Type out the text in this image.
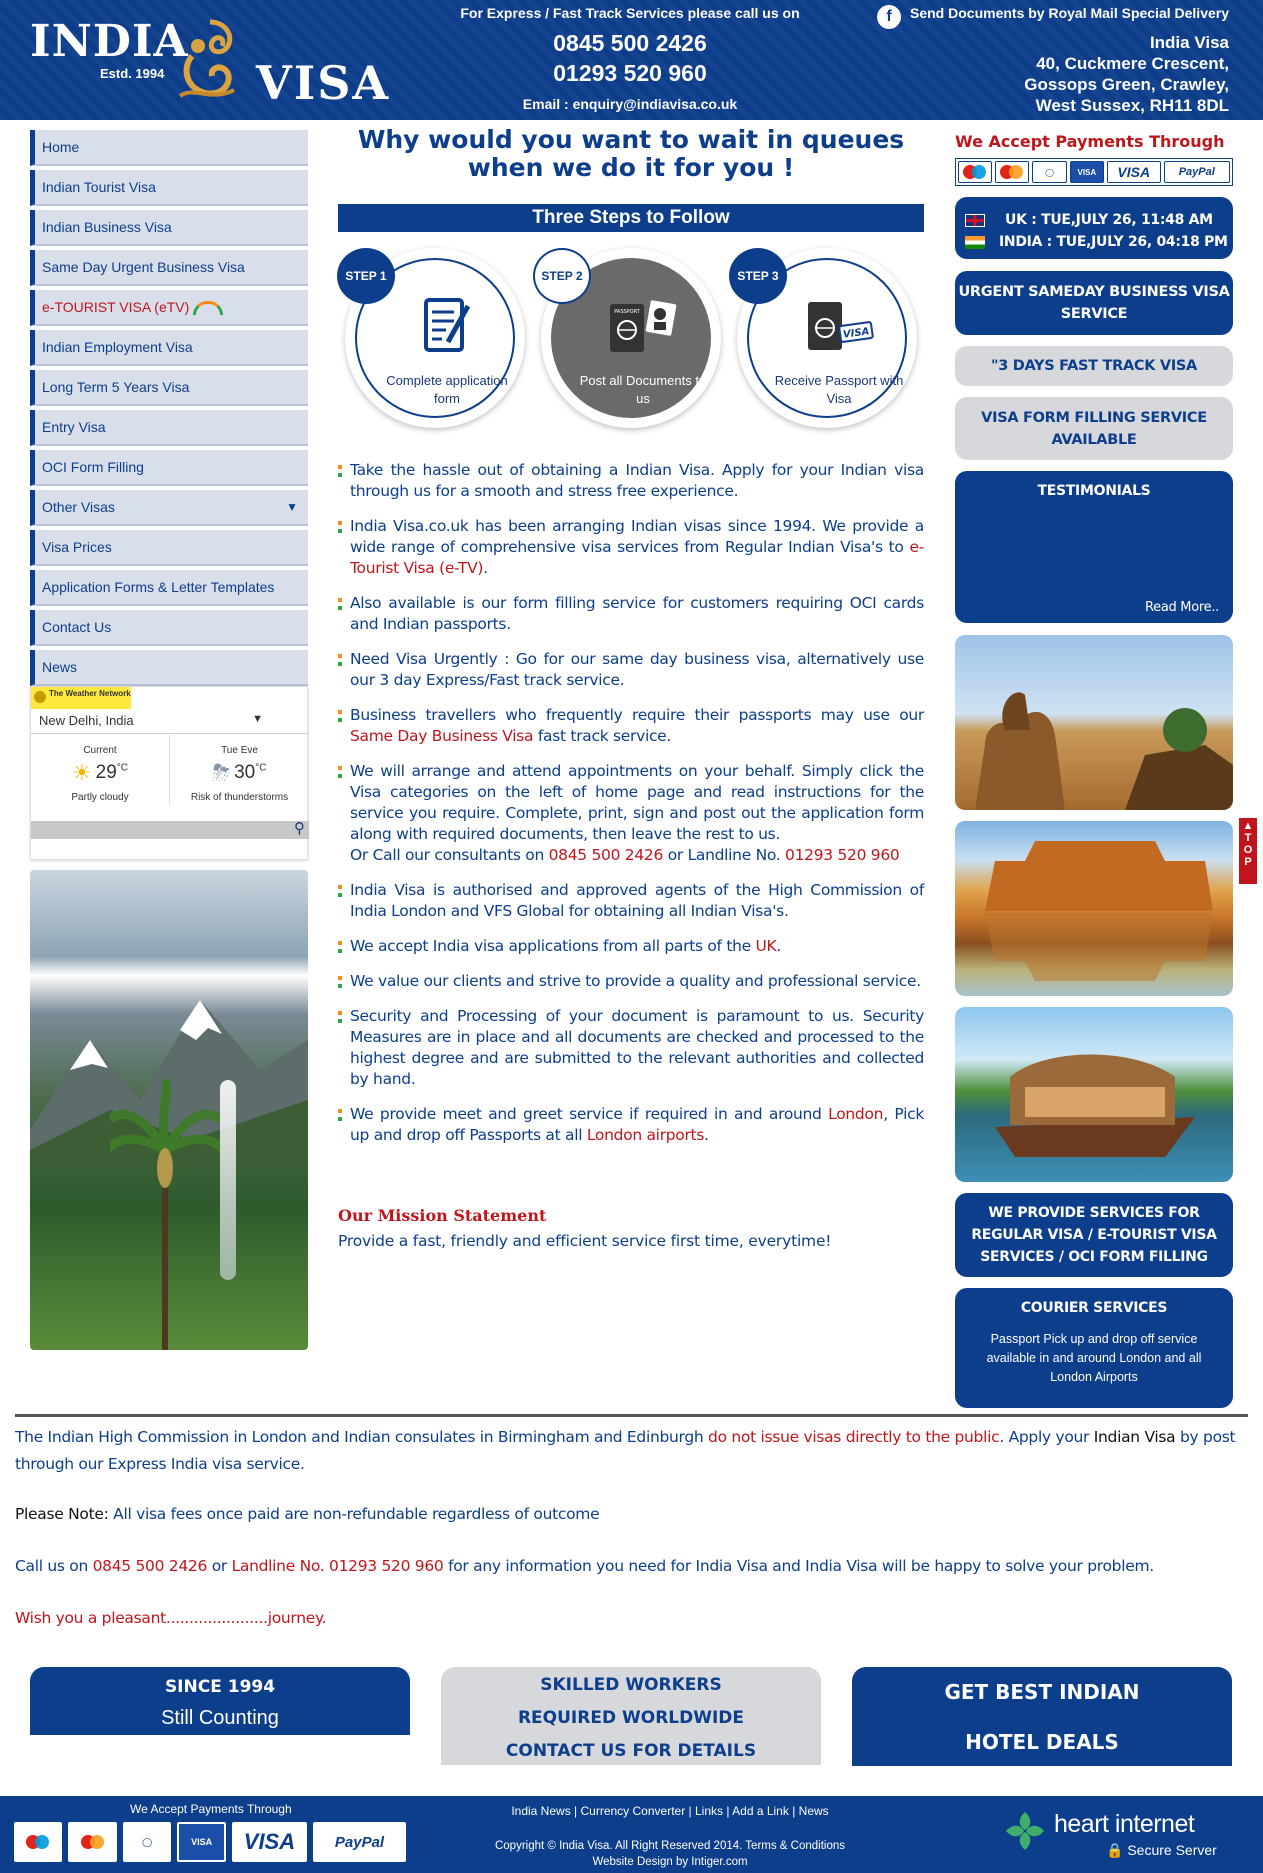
INDIA
Estd. 1994 VISA
For Express / Fast Track Services please call us on
0845 500 2426
01293 520 960
Email : enquiry@indiavisa.co.uk
f	Send Documents by Royal Mail Special Delivery
India Visa
40, Cuckmere Crescent,
Gossops Green, Crawley,
West Sussex, RH11 8DL
Home
Indian Tourist Visa
Indian Business Visa
Same Day Urgent Business Visa
e-TOURIST VISA (eTV)
Indian Employment Visa
Long Term 5 Years Visa
Entry Visa
OCI Form Filling
Other Visas	▼
Visa Prices
Application Forms & Letter Templates
Contact Us
News
The Weather Network
New Delhi, India	▼
Current
☀ $29^{^\circ C}$
Partly cloudy
Tue Eve
⛈ $30^{^\circ C}$
Risk of thunderstorms
⚲
Why would you want to wait in queues
when we do it for you !
Three Steps to Follow
Complete application form
STEP 1
PASSPORT
Post all Documents to us
STEP 2
VISA
Receive Passport with Visa
STEP 3

Take the hassle out of obtaining a Indian Visa. Apply for your Indian visa through us for a smooth and stress free experience.

India Visa.co.uk has been arranging Indian visas since 1994. We provide a wide range of comprehensive visa services from Regular Indian Visa's to e-Tourist Visa (e-TV).

Also available is our form filling service for customers requiring OCI cards and Indian passports.

Need Visa Urgently : Go for our same day business visa, alternatively use our 3 day Express/Fast track service.

Business travellers who frequently require their passports may use our Same Day Business Visa fast track service.

We will arrange and attend appointments on your behalf. Simply click the Visa categories on the left of home page and read instructions for the service you require. Complete, print, sign and post out the application form along with required documents, then leave the rest to us.
Or Call our consultants on 0845 500 2426 or Landline No. 01293 520 960

India Visa is authorised and approved agents of the High Commission of India London and VFS Global for obtaining all Indian Visa's.

We accept India visa applications from all parts of the UK.

We value our clients and strive to provide a quality and professional service.

Security and Processing of your document is paramount to us. Security Measures are in place and all documents are checked and processed to the highest degree and are submitted to the relevant authorities and collected by hand.

We provide meet and greet service if required in and around London, Pick up and drop off Passports at all London airports.

Our Mission Statement
Provide a fast, friendly and efficient service first time, everytime!
We Accept Payments Through
◯	VISA	VISA	PayPal
UK : TUE,JULY 26, 11:48 AM
INDIA : TUE,JULY 26, 04:18 PM
URGENT SAMEDAY BUSINESS VISA SERVICE
"3 DAYS FAST TRACK VISA
VISA FORM FILLING SERVICE AVAILABLE
TESTIMONIALS
Read More..
WE PROVIDE SERVICES FOR REGULAR VISA / E-TOURIST VISA SERVICES / OCI FORM FILLING
COURIER SERVICES
Passport Pick up and drop off service available in and around London and all London Airports
▲
T
O
P
The Indian High Commission in London and Indian consulates in Birmingham and Edinburgh do not issue visas directly to the public. Apply your Indian Visa by post through our Express India visa service.
Please Note: All visa fees once paid are non-refundable regardless of outcome
Call us on 0845 500 2426 or Landline No. 01293 520 960 for any information you need for India Visa and India Visa will be happy to solve your problem.
Wish you a pleasant......................journey.
SINCE 1994
Still Counting
SKILLED WORKERS
REQUIRED WORLDWIDE
CONTACT US FOR DETAILS
GET BEST INDIAN
HOTEL DEALS
We Accept Payments Through
◯	VISA	VISA	PayPal
India News | Currency Converter | Links | Add a Link | News
Copyright © India Visa. All Right Reserved 2014. Terms & Conditions
Website Design by Intiger.com
heart internet
🔒 Secure Server
